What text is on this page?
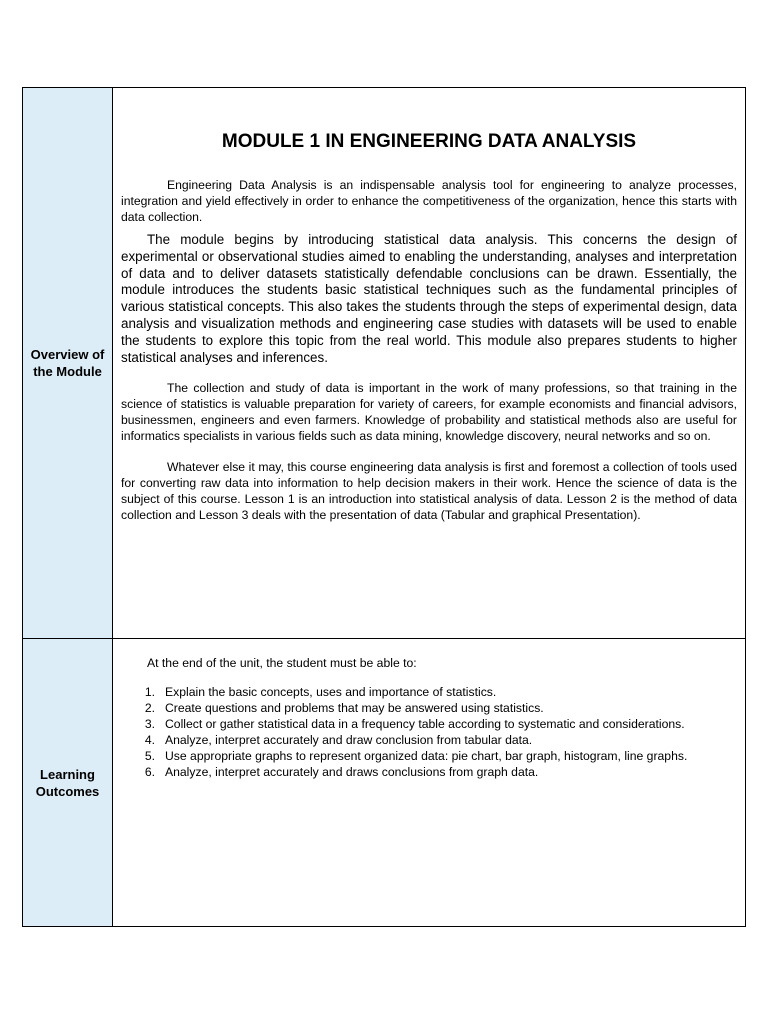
Overview of the Module
MODULE 1 IN ENGINEERING DATA ANALYSIS

Engineering Data Analysis is an indispensable analysis tool for engineering to analyze processes, integration and yield effectively in order to enhance the competitiveness of the organization, hence this starts with data collection.

The module begins by introducing statistical data analysis. This concerns the design of experimental or observational studies aimed to enabling the understanding, analyses and interpretation of data and to deliver datasets statistically defendable conclusions can be drawn. Essentially, the module introduces the students basic statistical techniques such as the fundamental principles of various statistical concepts. This also takes the students through the steps of experimental design, data analysis and visualization methods and engineering case studies with datasets will be used to enable the students to explore this topic from the real world. This module also prepares students to higher statistical analyses and inferences.

The collection and study of data is important in the work of many professions, so that training in the science of statistics is valuable preparation for variety of careers, for example economists and financial advisors, businessmen, engineers and even farmers. Knowledge of probability and statistical methods also are useful for informatics specialists in various fields such as data mining, knowledge discovery, neural networks and so on.

Whatever else it may, this course engineering data analysis is first and foremost a collection of tools used for converting raw data into information to help decision makers in their work. Hence the science of data is the subject of this course. Lesson 1 is an introduction into statistical analysis of data. Lesson 2 is the method of data collection and Lesson 3 deals with the presentation of data (Tabular and graphical Presentation).

Learning Outcomes

At the end of the unit, the student must be able to:

1. Explain the basic concepts, uses and importance of statistics.
2. Create questions and problems that may be answered using statistics.
3. Collect or gather statistical data in a frequency table according to systematic and considerations.
4. Analyze, interpret accurately and draw conclusion from tabular data.
5. Use appropriate graphs to represent organized data: pie chart, bar graph, histogram, line graphs.
6. Analyze, interpret accurately and draws conclusions from graph data.
